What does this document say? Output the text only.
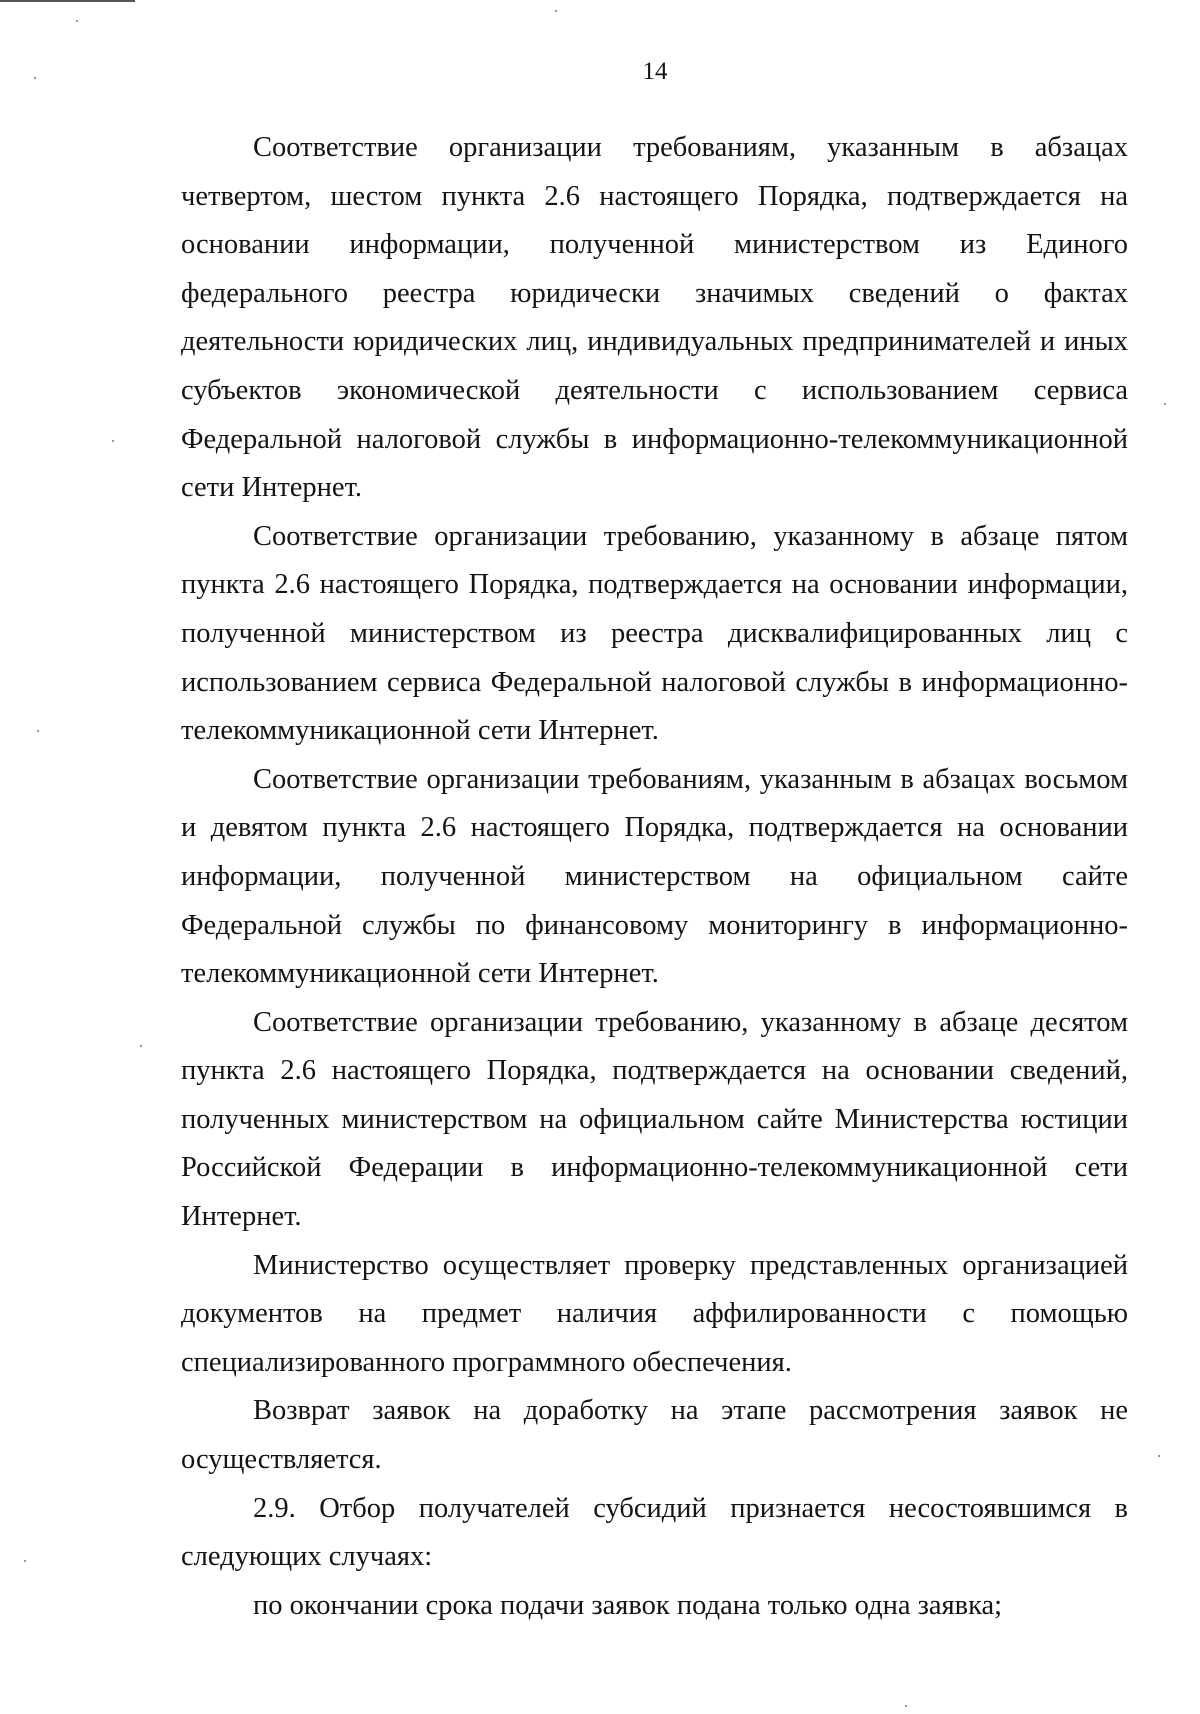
14

Соответствие организации требованиям, указанным в абзацах четвертом, шестом пункта 2.6 настоящего Порядка, подтверждается на основании информации, полученной министерством из Единого федерального реестра юридически значимых сведений о фактах деятельности юридических лиц, индивидуальных предпринимателей и иных субъектов экономической деятельности с использованием сервиса Федеральной налоговой службы в информационно-телекоммуникационной сети Интернет.

Соответствие организации требованию, указанному в абзаце пятом пункта 2.6 настоящего Порядка, подтверждается на основании информации, полученной министерством из реестра дисквалифицированных лиц с использованием сервиса Федеральной налоговой службы в информационно-телекоммуникационной сети Интернет.

Соответствие организации требованиям, указанным в абзацах восьмом и девятом пункта 2.6 настоящего Порядка, подтверждается на основании информации, полученной министерством на официальном сайте Федеральной службы по финансовому мониторингу в информационно-телекоммуникационной сети Интернет.

Соответствие организации требованию, указанному в абзаце десятом пункта 2.6 настоящего Порядка, подтверждается на основании сведений, полученных министерством на официальном сайте Министерства юстиции Российской Федерации в информационно-телекоммуникационной сети Интернет.

Министерство осуществляет проверку представленных организацией документов на предмет наличия аффилированности с помощью специализированного программного обеспечения.

Возврат заявок на доработку на этапе рассмотрения заявок не осуществляется.

2.9. Отбор получателей субсидий признается несостоявшимся в следующих случаях:

по окончании срока подачи заявок подана только одна заявка;
